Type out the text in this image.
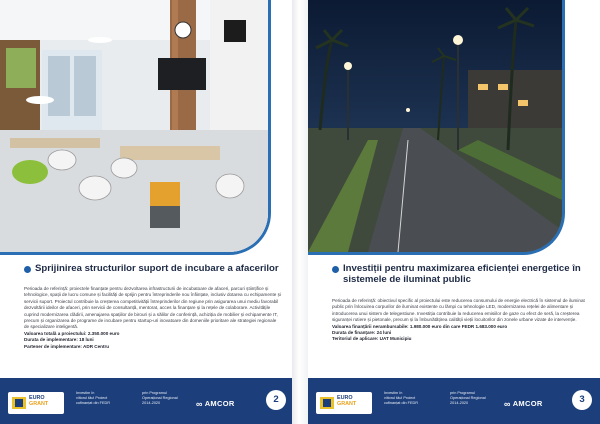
Sprijinirea structurilor suport de incubare a afacerilor

Perioada de referință: proiectele finanțate pentru dezvoltarea infrastructurii de incubatoare de afaceri, parcuri științifice și tehnologice, spații de lucru comune și facilități de sprijin pentru întreprinderile nou înființate, inclusiv dotarea cu echipamente și servicii suport. Proiectul contribuie la creșterea competitivității întreprinderilor din regiune prin asigurarea unui mediu favorabil dezvoltării ideilor de afaceri, prin servicii de consultanță, mentorat, acces la finanțare și la rețele de colaborare. Activitățile cuprind modernizarea clădirii, amenajarea spațiilor de birouri și a sălilor de conferință, achiziția de mobilier și echipamente IT, precum și organizarea de programe de incubare pentru startup-uri inovatoare din domeniile prioritare ale strategiei regionale de specializare inteligentă.

Valoarea totală a proiectului: 2.350.000 euro

Durata de implementare: 18 luni

Partener de implementare: ADR Centru

EURO
GRANT
Investim în
viitorul tău! Proiect
cofinanțat din FEDR
prin Programul
Operațional Regional
2014-2020	∞ AMCOR	2
Investiții pentru maximizarea eficienței energetice în sistemele de iluminat public

Perioada de referință: obiectivul specific al proiectului este reducerea consumului de energie electrică în sistemul de iluminat public prin înlocuirea corpurilor de iluminat existente cu lămpi cu tehnologie LED, modernizarea rețelei de alimentare și introducerea unui sistem de telegestiune. Investiția contribuie la reducerea emisiilor de gaze cu efect de seră, la creșterea siguranței rutiere și pietonale, precum și la îmbunătățirea calității vieții locuitorilor din zonele urbane vizate de intervenție.

Valoarea finanțării nerambursabile: 1.980.000 euro din care FEDR 1.683.000 euro

Durata de finanțare: 24 luni

Teritoriul de aplicare: UAT Municipiu

EURO
GRANT
Investim în
viitorul tău! Proiect
cofinanțat din FEDR
prin Programul
Operațional Regional
2014-2020	∞ AMCOR	3
